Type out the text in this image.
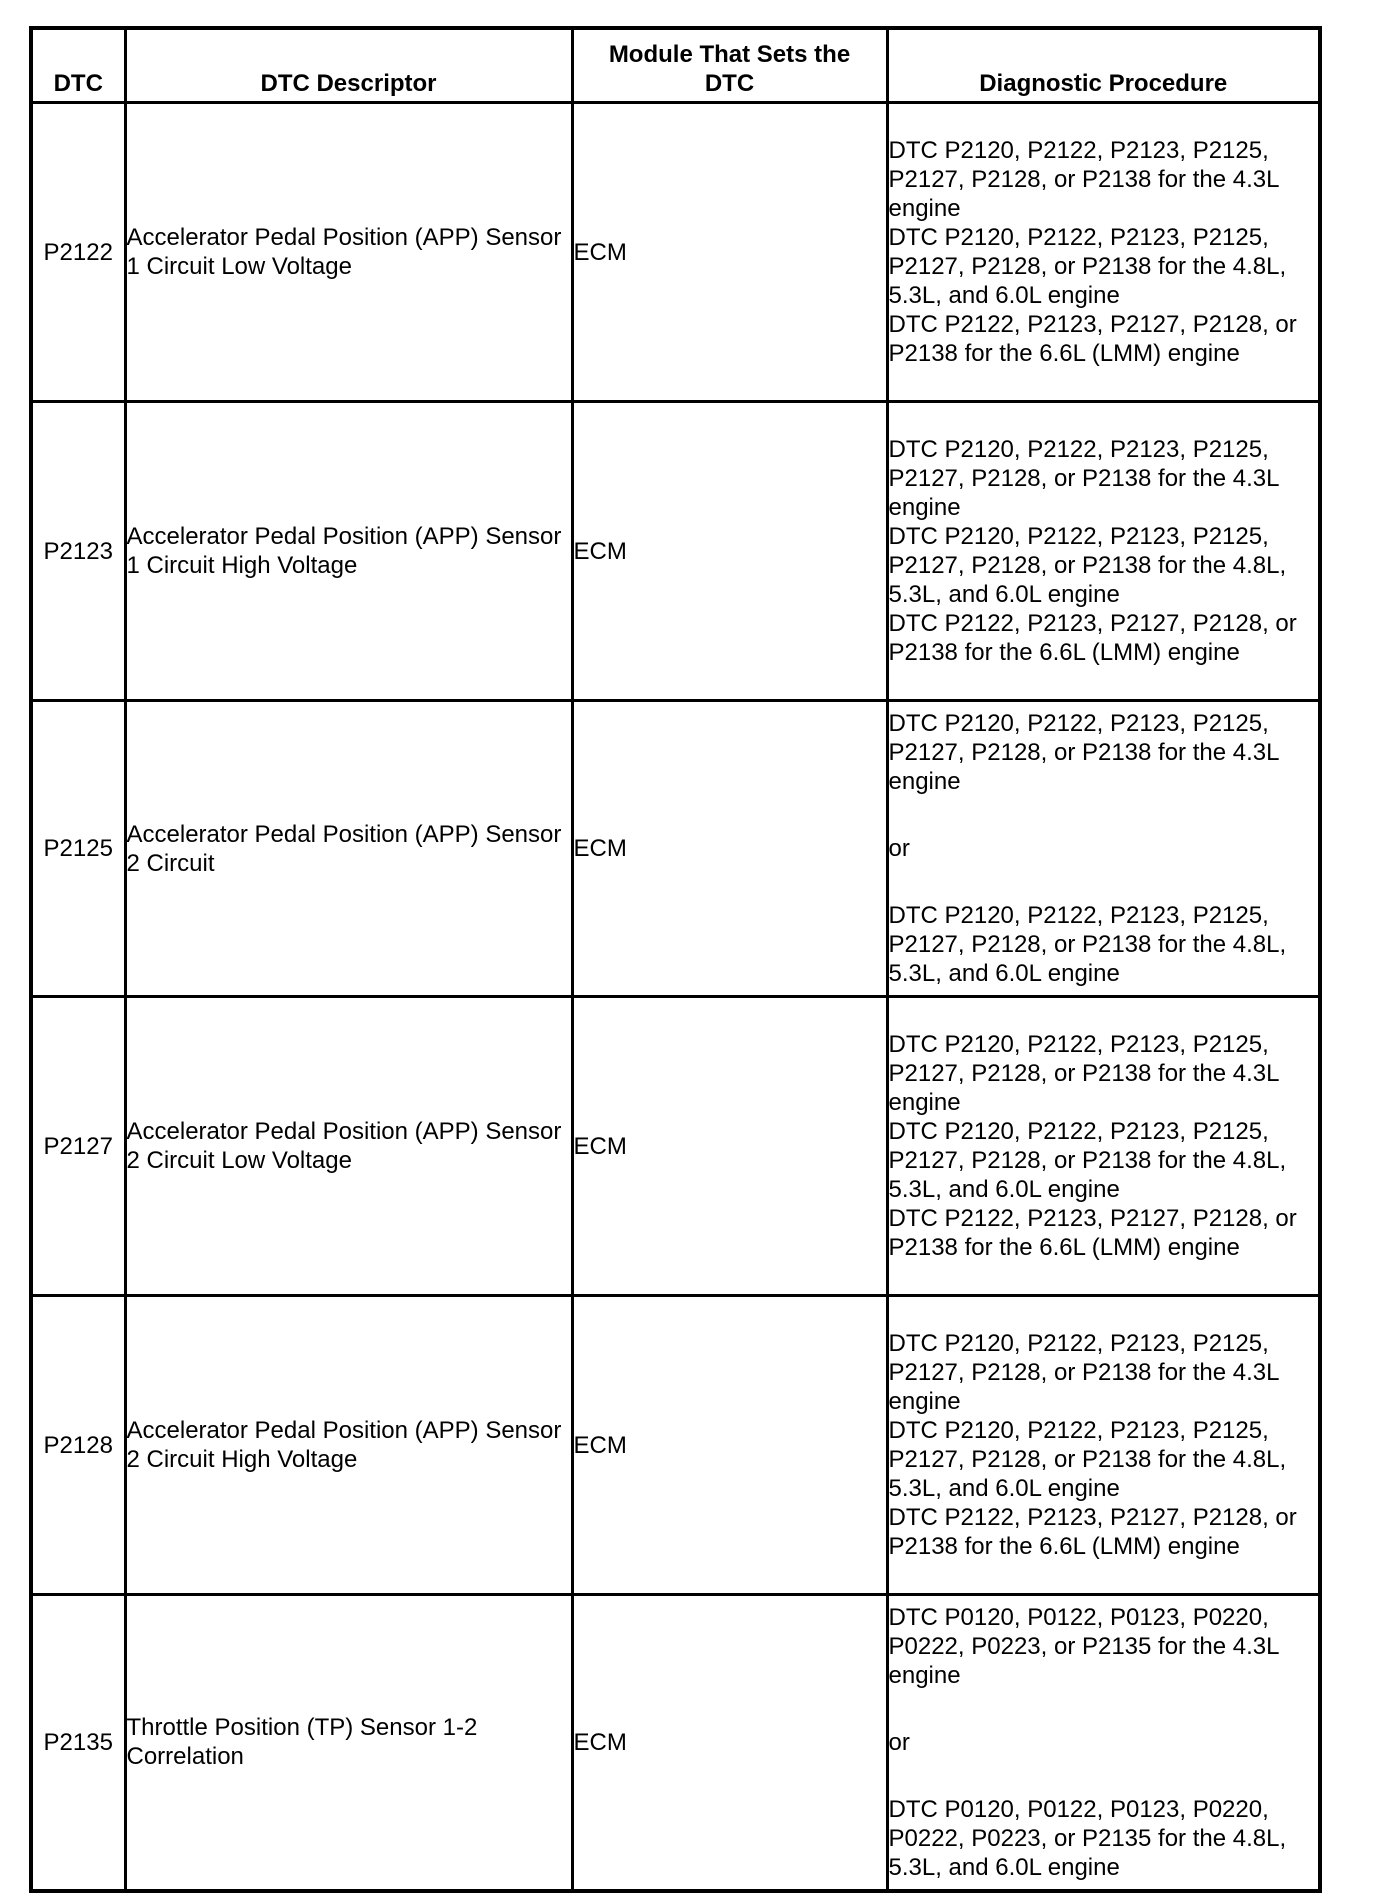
DTC	DTC Descriptor	Module That Sets the DTC	Diagnostic Procedure
P2122	Accelerator Pedal Position (APP) Sensor 1 Circuit Low Voltage	ECM	DTC P2120, P2122, P2123, P2125, P2127, P2128, or P2138 for the 4.3L engine
DTC P2120, P2122, P2123, P2125, P2127, P2128, or P2138 for the 4.8L, 5.3L, and 6.0L engine
DTC P2122, P2123, P2127, P2128, or P2138 for the 6.6L (LMM) engine

P2123	Accelerator Pedal Position (APP) Sensor 1 Circuit High Voltage	ECM	DTC P2120, P2122, P2123, P2125, P2127, P2128, or P2138 for the 4.3L engine
DTC P2120, P2122, P2123, P2125, P2127, P2128, or P2138 for the 4.8L, 5.3L, and 6.0L engine
DTC P2122, P2123, P2127, P2128, or P2138 for the 6.6L (LMM) engine

P2125	Accelerator Pedal Position (APP) Sensor 2 Circuit	ECM	DTC P2120, P2122, P2123, P2125, P2127, P2128, or P2138 for the 4.3L engine
or
DTC P2120, P2122, P2123, P2125, P2127, P2128, or P2138 for the 4.8L, 5.3L, and 6.0L engine

P2127	Accelerator Pedal Position (APP) Sensor 2 Circuit Low Voltage	ECM	DTC P2120, P2122, P2123, P2125, P2127, P2128, or P2138 for the 4.3L engine
DTC P2120, P2122, P2123, P2125, P2127, P2128, or P2138 for the 4.8L, 5.3L, and 6.0L engine
DTC P2122, P2123, P2127, P2128, or P2138 for the 6.6L (LMM) engine

P2128	Accelerator Pedal Position (APP) Sensor 2 Circuit High Voltage	ECM	DTC P2120, P2122, P2123, P2125, P2127, P2128, or P2138 for the 4.3L engine
DTC P2120, P2122, P2123, P2125, P2127, P2128, or P2138 for the 4.8L, 5.3L, and 6.0L engine
DTC P2122, P2123, P2127, P2128, or P2138 for the 6.6L (LMM) engine

P2135	Throttle Position (TP) Sensor 1-2 Correlation	ECM	DTC P0120, P0122, P0123, P0220, P0222, P0223, or P2135 for the 4.3L engine
or
DTC P0120, P0122, P0123, P0220, P0222, P0223, or P2135 for the 4.8L, 5.3L, and 6.0L engine
